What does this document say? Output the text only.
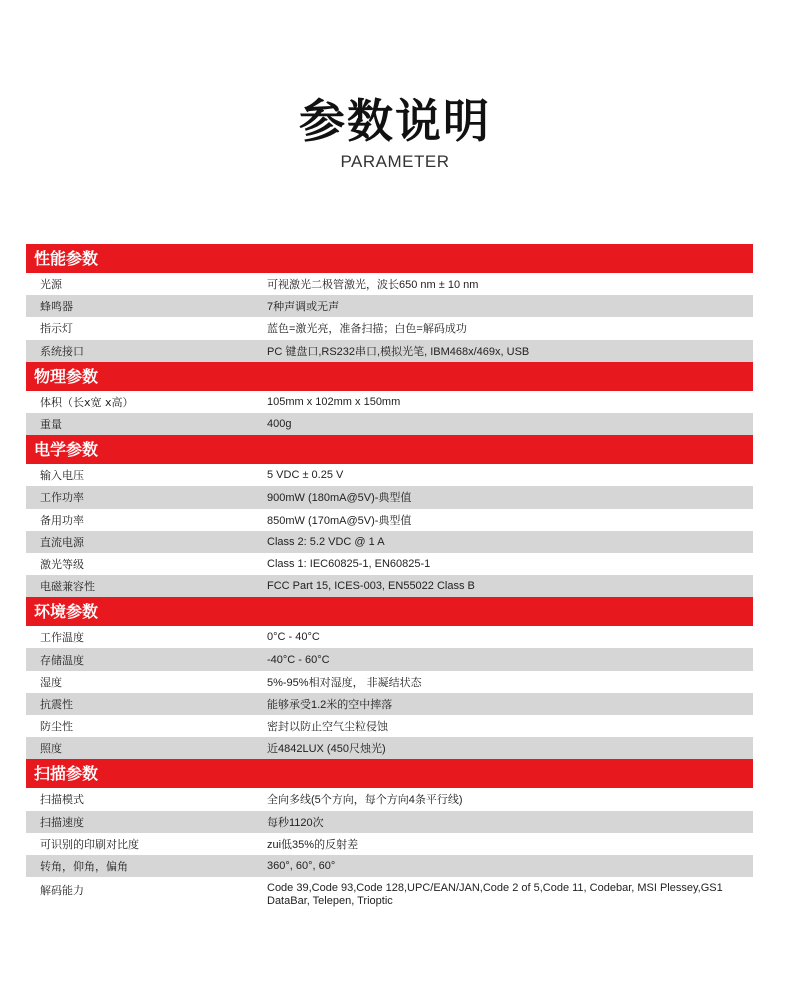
参数说明
PARAMETER
性能参数
光源	可视激光二极管激光，波长650 nm ± 10 nm
蜂鸣器	7种声调或无声
指示灯	蓝色=激光亮，准备扫描；白色=解码成功
系统接口	PC 键盘口,RS232串口,模拟光笔, IBM468x/469x, USB
物理参数
体积（长x宽 x高）	105mm x 102mm x 150mm
重量	400g
电学参数
输入电压	5 VDC ± 0.25 V
工作功率	900mW (180mA@5V)-典型值
备用功率	850mW (170mA@5V)-典型值
直流电源	Class 2: 5.2 VDC @ 1 A
激光等级	Class 1: IEC60825-1, EN60825-1
电磁兼容性	FCC Part 15, ICES-003, EN55022 Class B
环境参数
工作温度	0°C - 40°C
存储温度	-40°C - 60°C
湿度	5%-95%相对湿度， 非凝结状态
抗震性	能够承受1.2米的空中摔落
防尘性	密封以防止空气尘粒侵蚀
照度	近4842LUX (450尺烛光)
扫描参数
扫描模式	全向多线(5个方向，每个方向4条平行线)
扫描速度	每秒1120次
可识别的印刷对比度	zui低35%的反射差
转角，仰角，偏角	360°, 60°, 60°
解码能力	Code 39,Code 93,Code 128,UPC/EAN/JAN,Code 2 of 5,Code 11, Codebar, MSI Plessey,GS1 DataBar, Telepen, Trioptic
